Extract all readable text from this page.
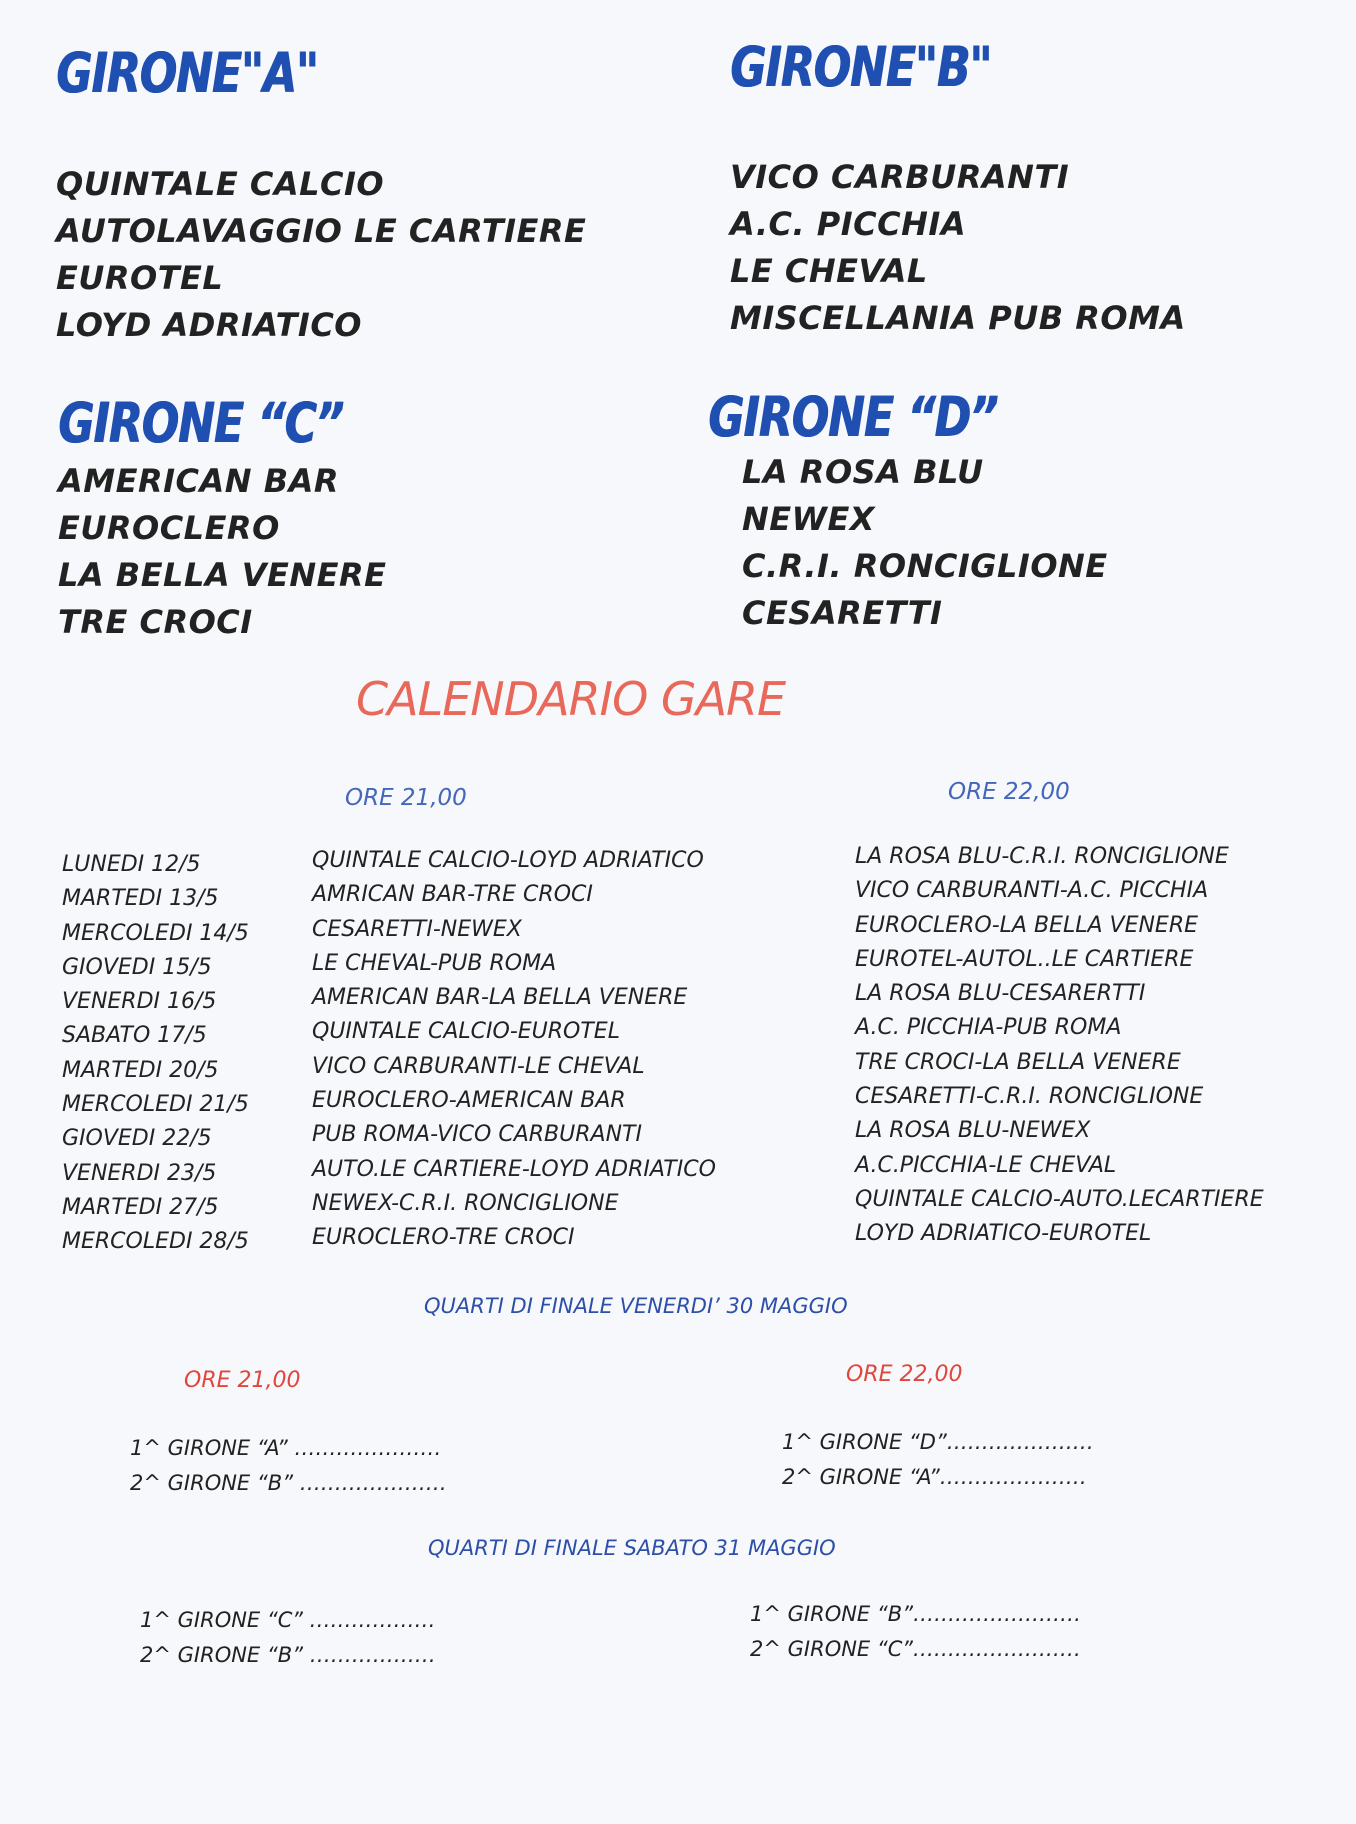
GIRONE"A"
QUINTALE CALCIO
AUTOLAVAGGIO LE CARTIERE
EUROTEL
LOYD ADRIATICO
GIRONE"B"
VICO CARBURANTI
A.C. PICCHIA
LE CHEVAL
MISCELLANIA PUB ROMA
GIRONE “C”
AMERICAN BAR
EUROCLERO
LA BELLA VENERE
TRE CROCI
GIRONE “D”
LA ROSA BLU
NEWEX
C.R.I. RONCIGLIONE
CESARETTI
CALENDARIO GARE
ORE 21,00	ORE 22,00
LUNEDI 12/5
MARTEDI 13/5
MERCOLEDI 14/5
GIOVEDI 15/5
VENERDI 16/5
SABATO 17/5
MARTEDI 20/5
MERCOLEDI 21/5
GIOVEDI 22/5
VENERDI 23/5
MARTEDI 27/5
MERCOLEDI 28/5
QUINTALE CALCIO-LOYD ADRIATICO
AMRICAN BAR-TRE CROCI
CESARETTI-NEWEX
LE CHEVAL-PUB ROMA
AMERICAN BAR-LA BELLA VENERE
QUINTALE CALCIO-EUROTEL
VICO CARBURANTI-LE CHEVAL
EUROCLERO-AMERICAN BAR
PUB ROMA-VICO CARBURANTI
AUTO.LE CARTIERE-LOYD ADRIATICO
NEWEX-C.R.I. RONCIGLIONE
EUROCLERO-TRE CROCI
LA ROSA BLU-C.R.I. RONCIGLIONE
VICO CARBURANTI-A.C. PICCHIA
EUROCLERO-LA BELLA VENERE
EUROTEL-AUTOL..LE CARTIERE
LA ROSA BLU-CESARERTTI
A.C. PICCHIA-PUB ROMA
TRE CROCI-LA BELLA VENERE
CESARETTI-C.R.I. RONCIGLIONE
LA ROSA BLU-NEWEX
A.C.PICCHIA-LE CHEVAL
QUINTALE CALCIO-AUTO.LECARTIERE
LOYD ADRIATICO-EUROTEL
QUARTI DI FINALE VENERDI’ 30 MAGGIO
ORE 21,00	ORE 22,00
1^ GIRONE “A” …………………
2^ GIRONE “B” …………………
1^ GIRONE “D”…………………
2^ GIRONE “A”…………………
QUARTI DI FINALE SABATO 31 MAGGIO
1^ GIRONE “C” ………………
2^ GIRONE “B” ………………
1^ GIRONE “B”……………………
2^ GIRONE “C”……………………
